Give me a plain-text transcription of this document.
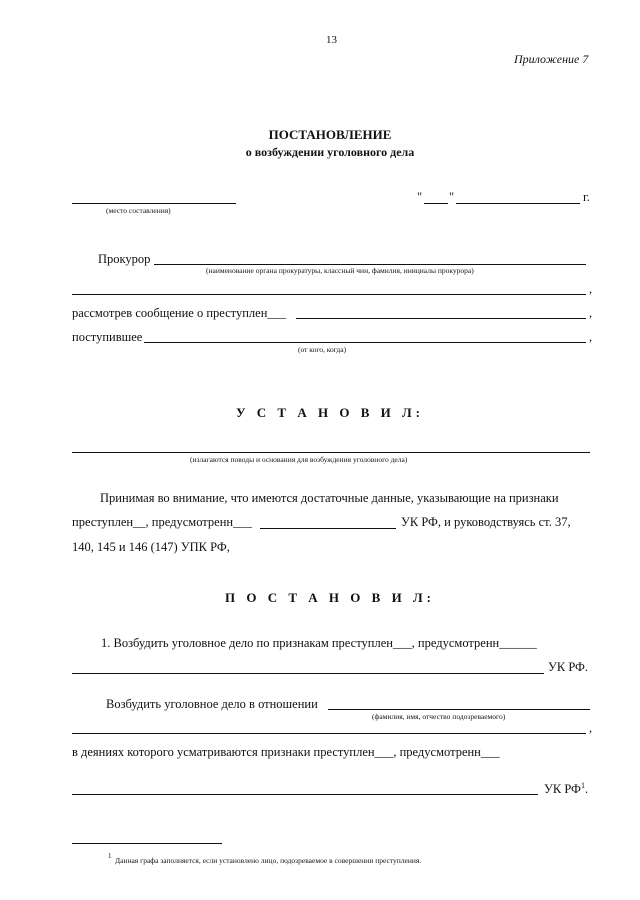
13
Приложение 7
ПОСТАНОВЛЕНИЕ
о возбуждении уголовного дела
(место составления)
" "	г.
Прокурор
(наименование органа прокуратуры, классный чин, фамилия, инициалы прокурора)
,
рассмотрев сообщение о преступлен___	,
поступившее	,
(от кого, когда)
У С Т А Н О В И Л:
(излагаются поводы и основания для возбуждения уголовного дела)
Принимая во внимание, что имеются достаточные данные, указывающие на признаки
преступлен__, предусмотренн___	УК РФ, и руководствуясь ст. 37,
140, 145 и 146 (147) УПК РФ,
П О С Т А Н О В И Л:
1. Возбудить уголовное дело по признакам преступлен___, предусмотренн______
УК РФ.
Возбудить уголовное дело в отношении
(фамилия, имя, отчество подозреваемого)
,
в деяниях которого усматриваются признаки преступлен___, предусмотренн___
УК $РФ^1$.
1 Данная графа заполняется, если установлено лицо, подозреваемое в совершении преступления.
